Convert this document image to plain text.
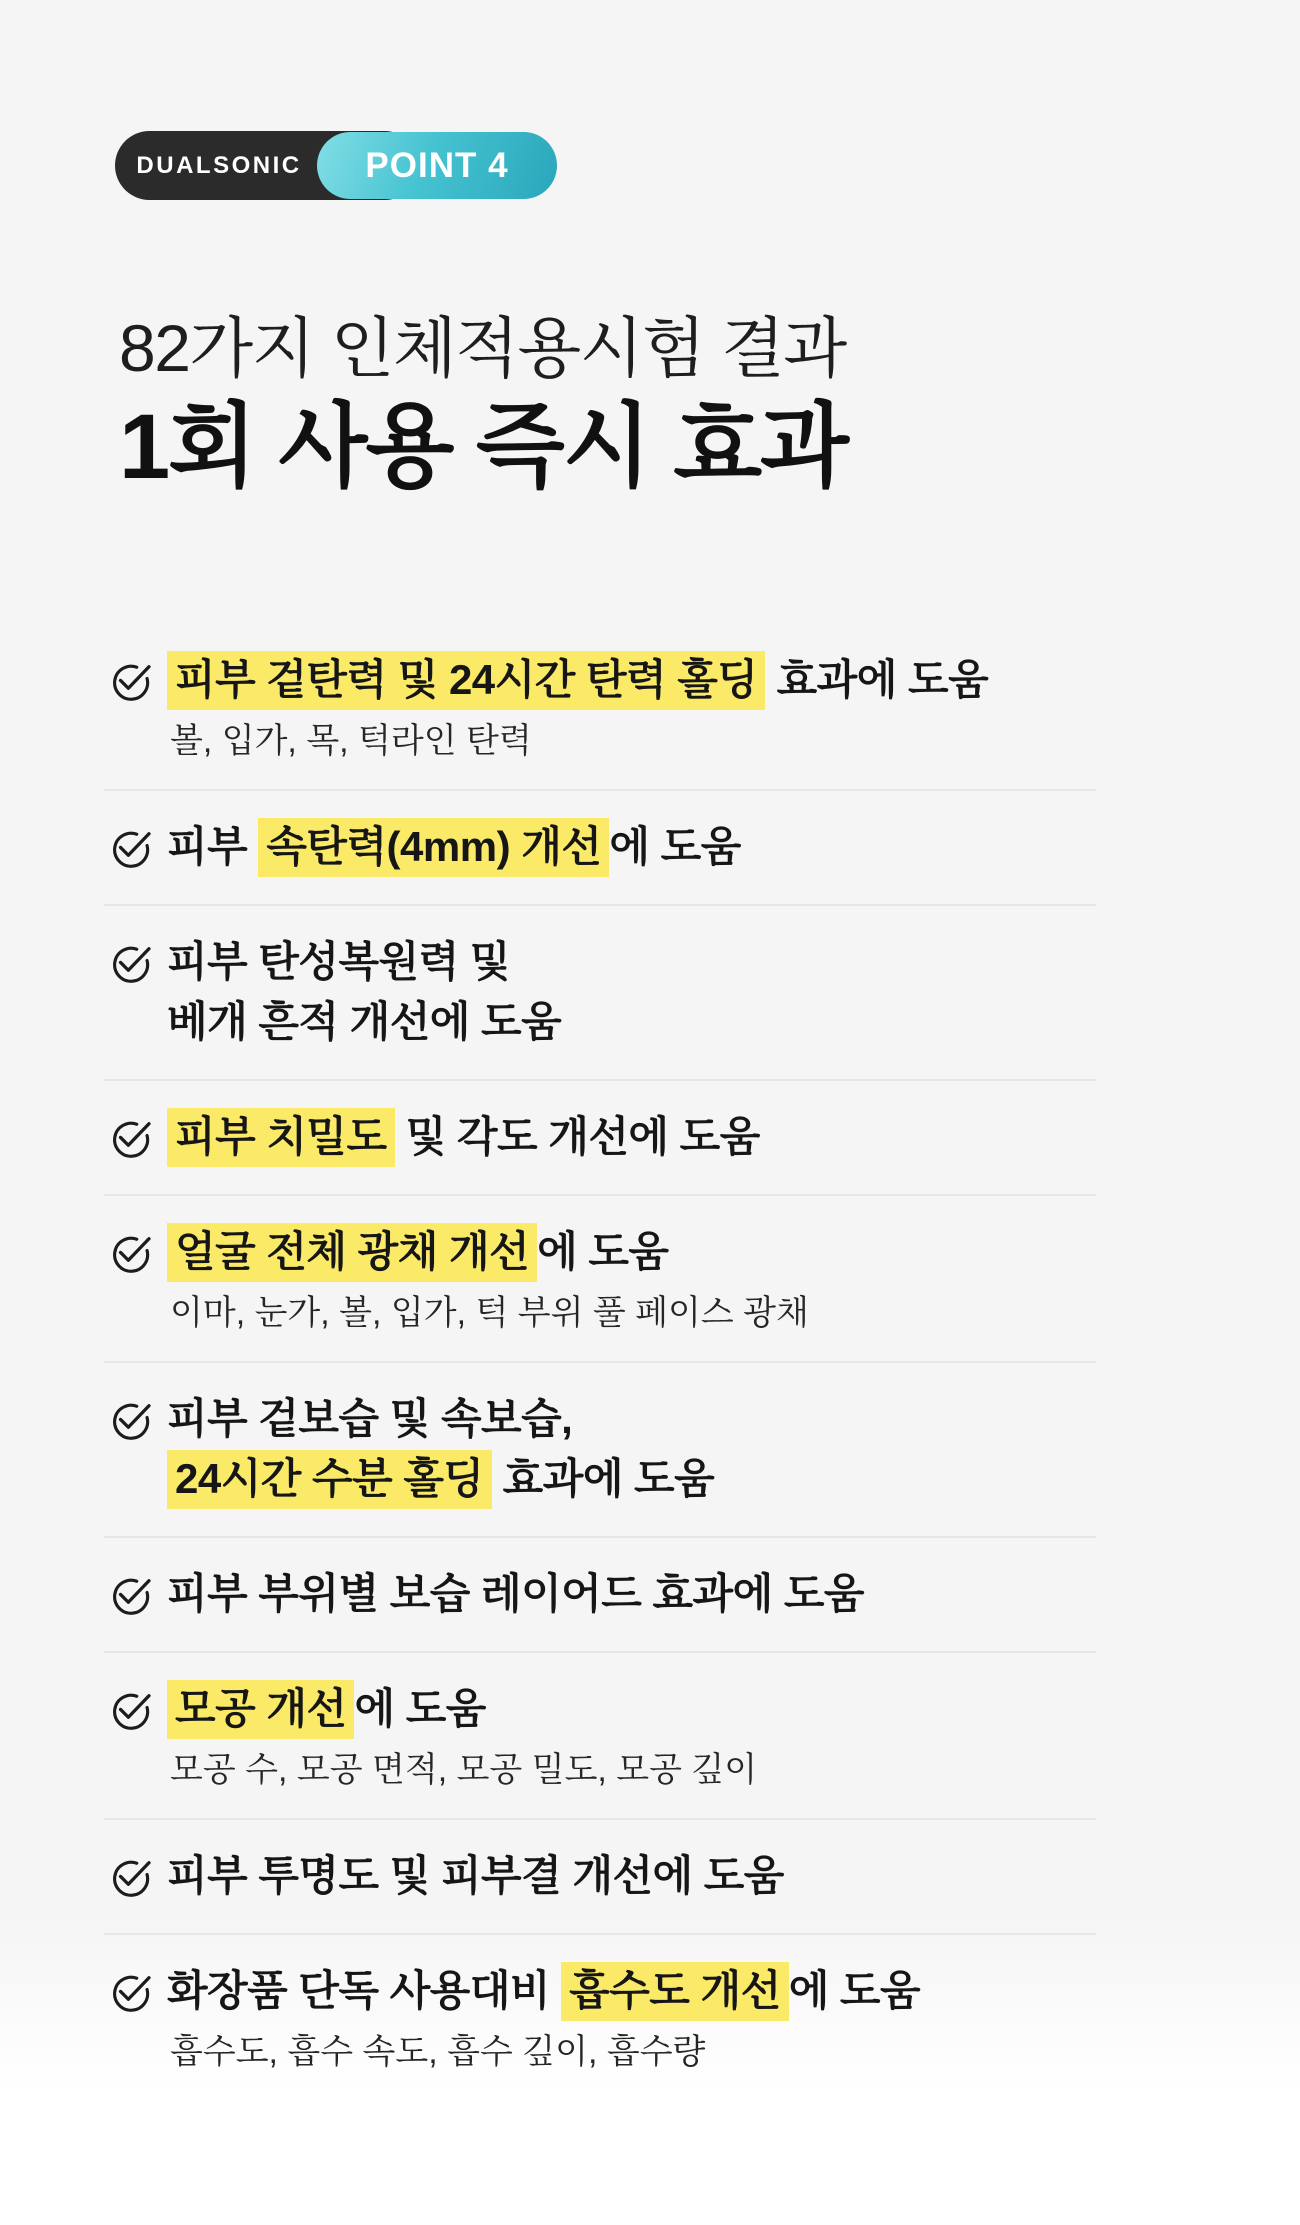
DUALSONIC	POINT 4
82가지 인체적용시험 결과
1회 사용 즉시 효과
피부 겉탄력 및 24시간 탄력 홀딩 효과에 도움
볼, 입가, 목, 턱라인 탄력
피부 속탄력(4mm) 개선 에 도움
피부 탄성복원력 및
베개 흔적 개선에 도움
피부 치밀도 및 각도 개선에 도움
얼굴 전체 광채 개선 에 도움
이마, 눈가, 볼, 입가, 턱 부위 풀 페이스 광채
피부 겉보습 및 속보습,
24시간 수분 홀딩 효과에 도움
피부 부위별 보습 레이어드 효과에 도움
모공 개선 에 도움
모공 수, 모공 면적, 모공 밀도, 모공 깊이
피부 투명도 및 피부결 개선에 도움
화장품 단독 사용대비 흡수도 개선 에 도움
흡수도, 흡수 속도, 흡수 깊이, 흡수량
